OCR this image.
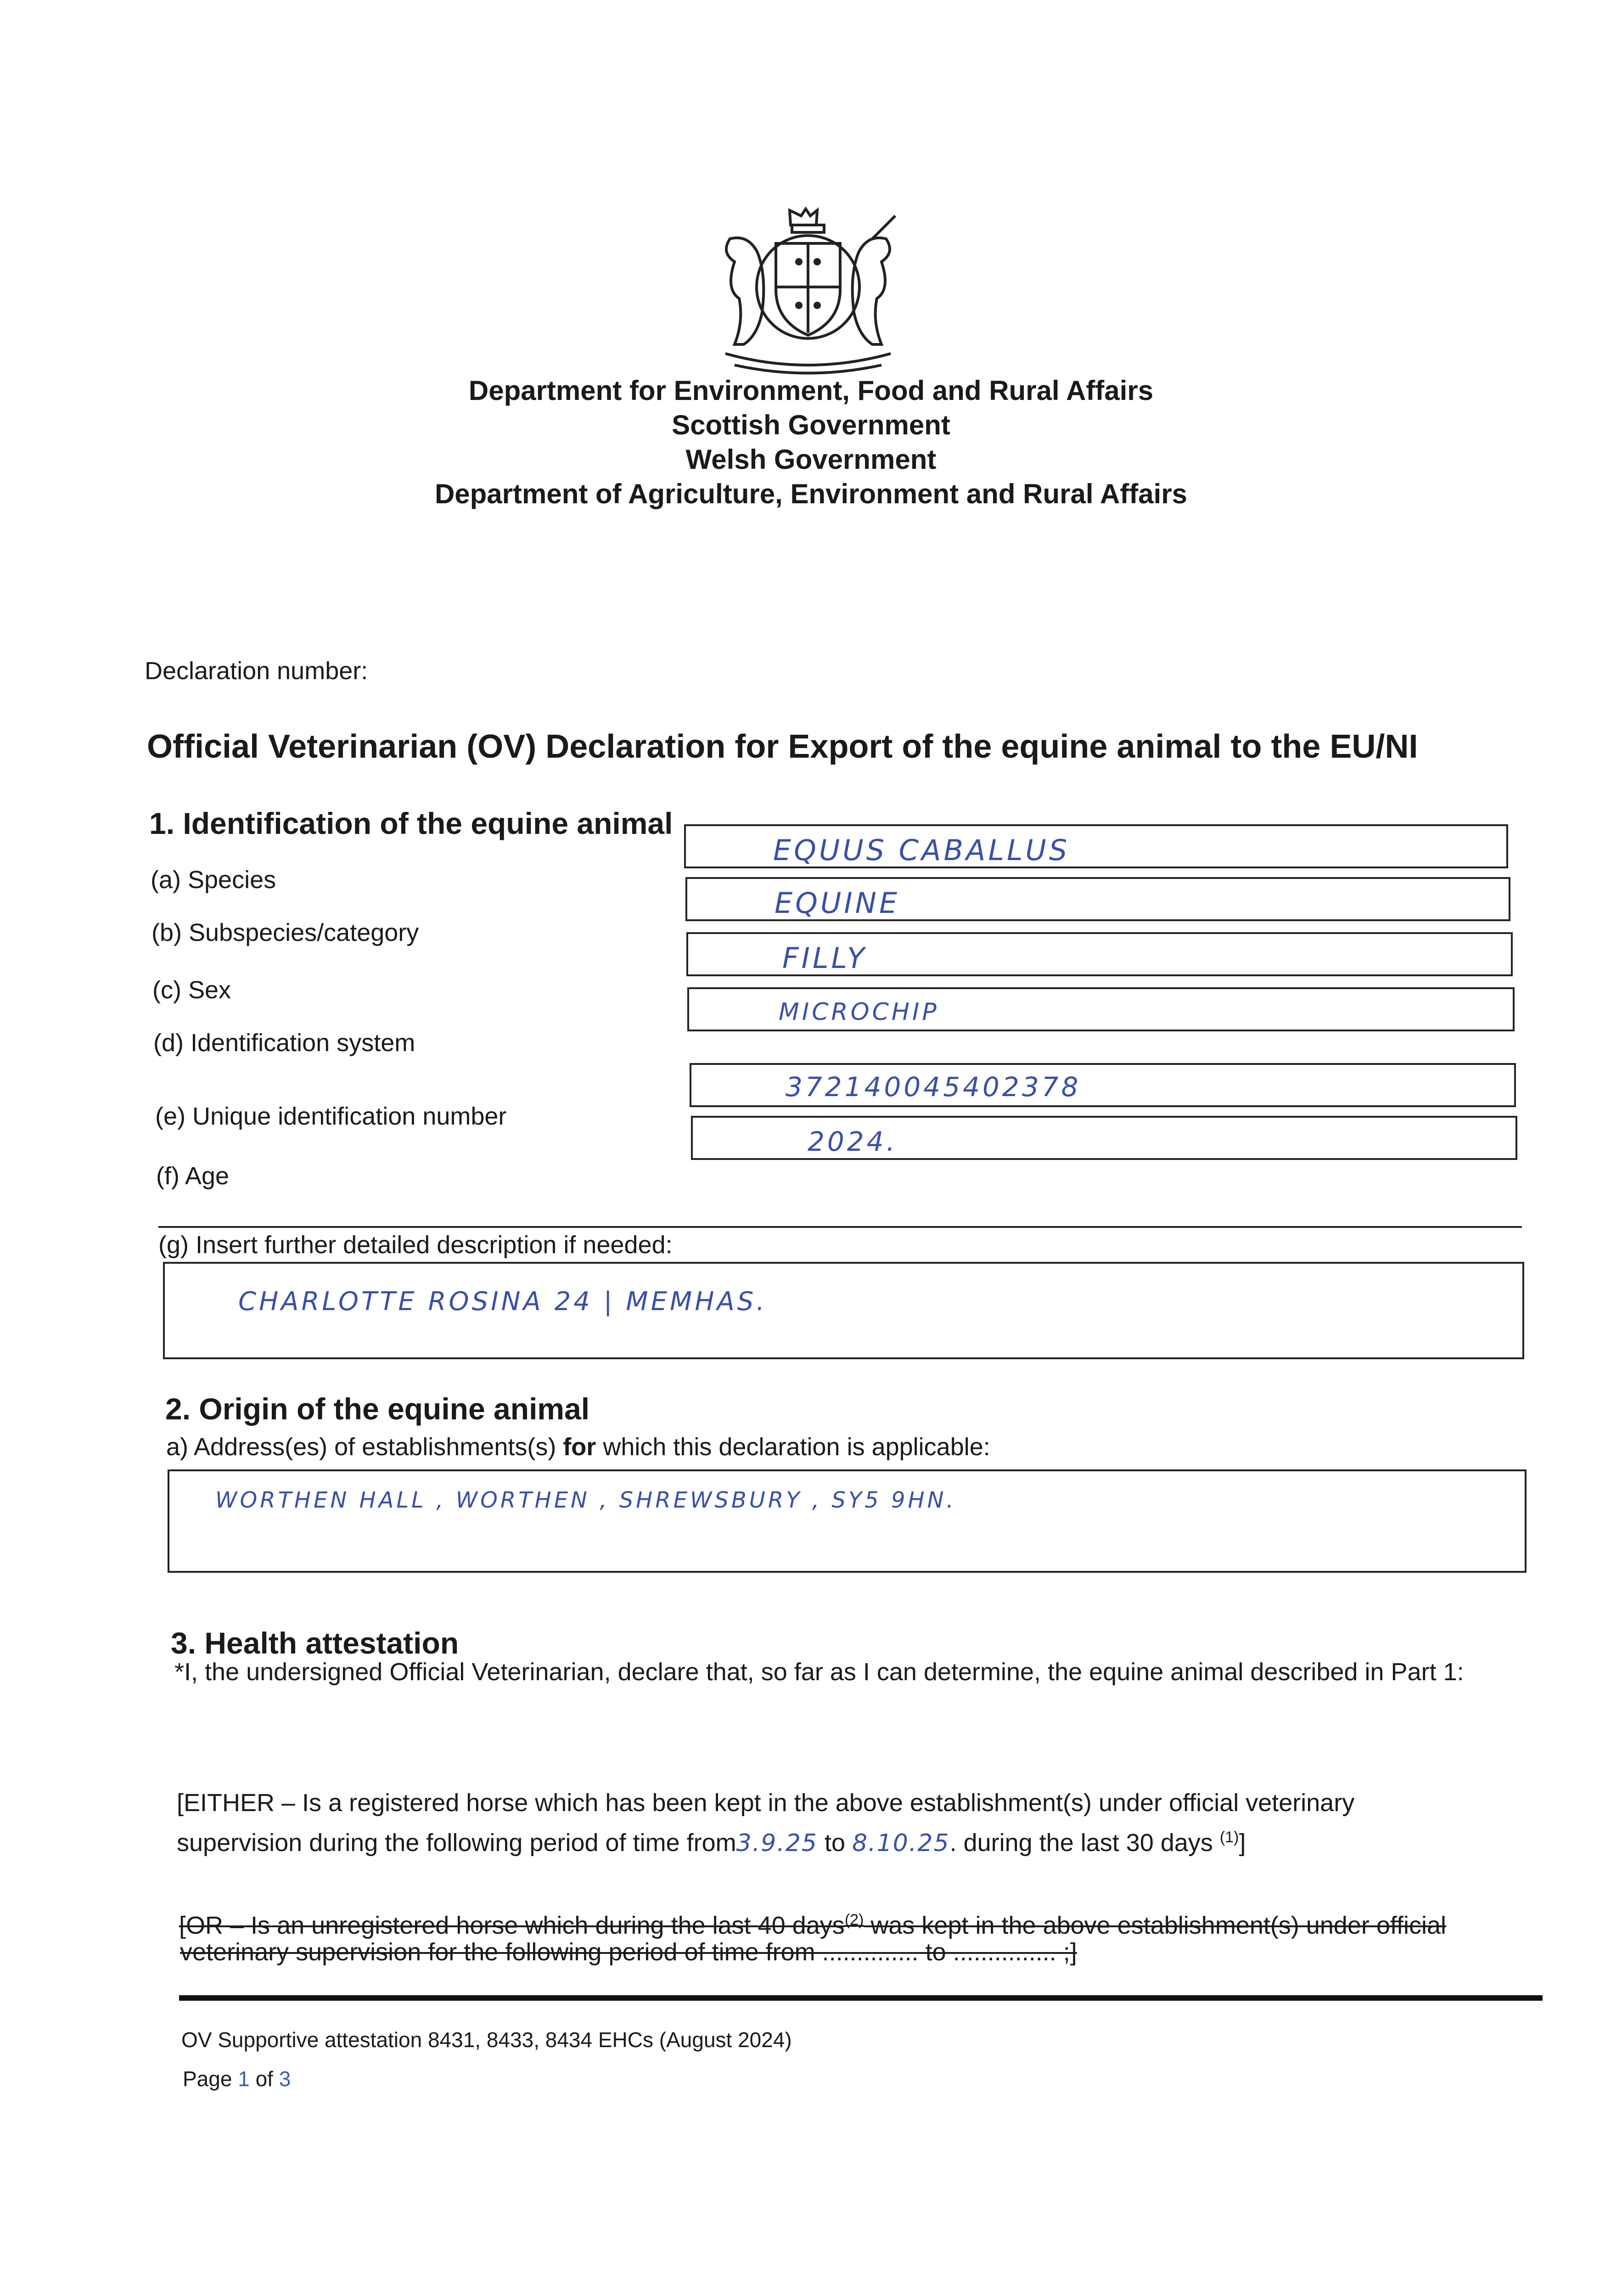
Department for Environment, Food and Rural Affairs
Scottish Government
Welsh Government
Department of Agriculture, Environment and Rural Affairs
Declaration number:
Official Veterinarian (OV) Declaration for Export of the equine animal to the EU/NI
1. Identification of the equine animal
(a) Species
EQUUS CABALLUS
(b) Subspecies/category
EQUINE
(c) Sex
FILLY
(d) Identification system
MICROCHIP
(e) Unique identification number
372140045402378
(f) Age
2024.
(g) Insert further detailed description if needed:
CHARLOTTE ROSINA 24 | MEMHAS.
2. Origin of the equine animal
a) Address(es) of establishments(s) for which this declaration is applicable:
WORTHEN HALL , WORTHEN , SHREWSBURY , SY5 9HN.
3. Health attestation
*I, the undersigned Official Veterinarian, declare that, so far as I can determine, the equine animal described in Part 1:
[EITHER – Is a registered horse which has been kept in the above establishment(s) under official veterinary
supervision during the following period of time from3.9.25 to 8.10.25. during the last 30 days $^{(1)}$]
[OR – Is an unregistered horse which during the last 40 days$^{(2)}$ was kept in the above establishment(s) under official
veterinary supervision for the following period of time from .............. to ............... ;]
OV Supportive attestation 8431, 8433, 8434 EHCs (August 2024)
Page 1 of 3
